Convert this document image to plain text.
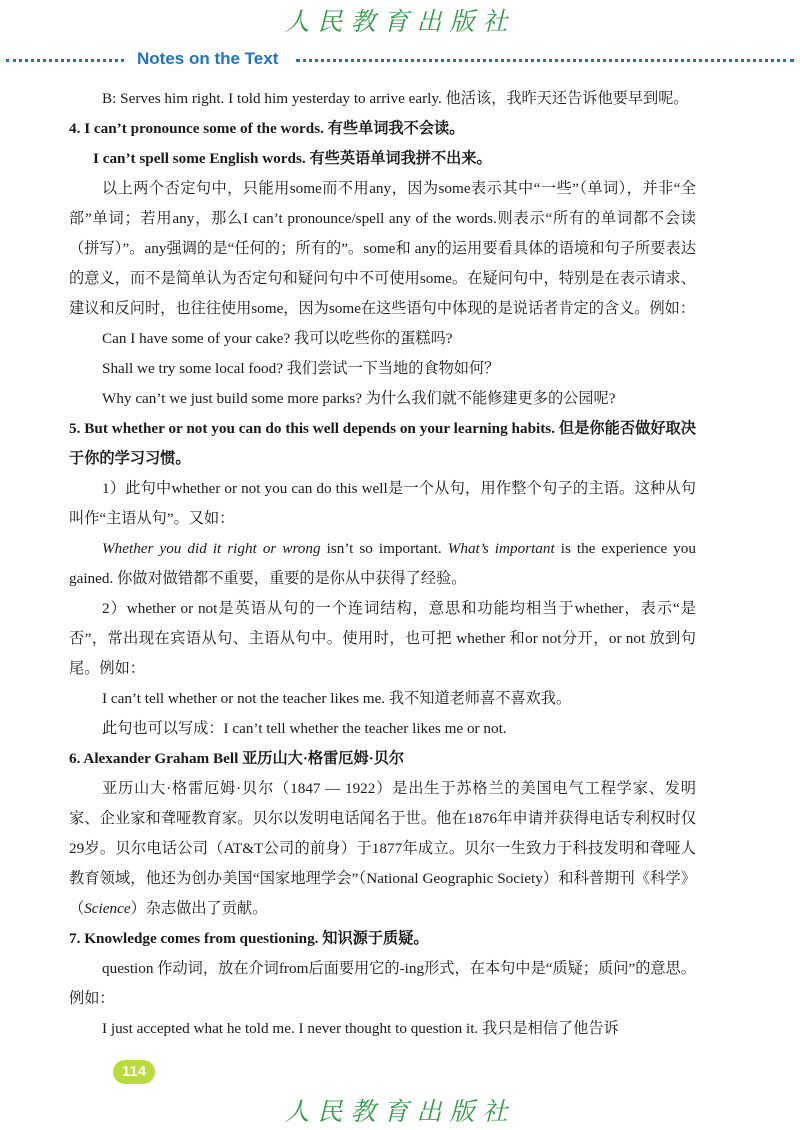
人民教育出版社
Notes on the Text

B: Serves him right. I told him yesterday to arrive early. 他活该，我昨天还告诉他要早到呢。

4. I can’t pronounce some of the words. 有些单词我不会读。

I can’t spell some English words. 有些英语单词我拼不出来。

以上两个否定句中，只能用some而不用any，因为some表示其中“一些”（单词），并非“全部”单词；若用any，那么I can’t pronounce/spell any of the words.则表示“所有的单词都不会读（拼写）”。any强调的是“任何的；所有的”。some和 any的运用要看具体的语境和句子所要表达的意义，而不是简单认为否定句和疑问句中不可使用some。在疑问句中，特别是在表示请求、建议和反问时，也往往使用some，因为some在这些语句中体现的是说话者肯定的含义。例如：

Can I have some of your cake? 我可以吃些你的蛋糕吗?

Shall we try some local food? 我们尝试一下当地的食物如何？

Why can’t we just build some more parks? 为什么我们就不能修建更多的公园呢?

5. But whether or not you can do this well depends on your learning habits. 但是你能否做好取决于你的学习习惯。

1）此句中whether or not you can do this well是一个从句，用作整个句子的主语。这种从句叫作“主语从句”。又如：

Whether you did it right or wrong isn’t so important. What’s important is the experience you gained. 你做对做错都不重要，重要的是你从中获得了经验。

2）whether or not是英语从句的一个连词结构，意思和功能均相当于whether，表示“是否”，常出现在宾语从句、主语从句中。使用时，也可把 whether 和or not分开，or not 放到句尾。例如：

I can’t tell whether or not the teacher likes me. 我不知道老师喜不喜欢我。

此句也可以写成：I can’t tell whether the teacher likes me or not.

6. Alexander Graham Bell 亚历山大·格雷厄姆·贝尔

亚历山大·格雷厄姆·贝尔（1847 — 1922）是出生于苏格兰的美国电气工程学家、发明家、企业家和聋哑教育家。贝尔以发明电话闻名于世。他在1876年申请并获得电话专利权时仅29岁。贝尔电话公司（AT&T公司的前身）于1877年成立。贝尔一生致力于科技发明和聋哑人教育领域，他还为创办美国“国家地理学会”（National Geographic Society）和科普期刊《科学》（Science）杂志做出了贡献。

7. Knowledge comes from questioning. 知识源于质疑。

question 作动词，放在介词from后面要用它的-ing形式，在本句中是“质疑；质问”的意思。例如：

I just accepted what he told me. I never thought to question it. 我只是相信了他告诉

114
人民教育出版社
